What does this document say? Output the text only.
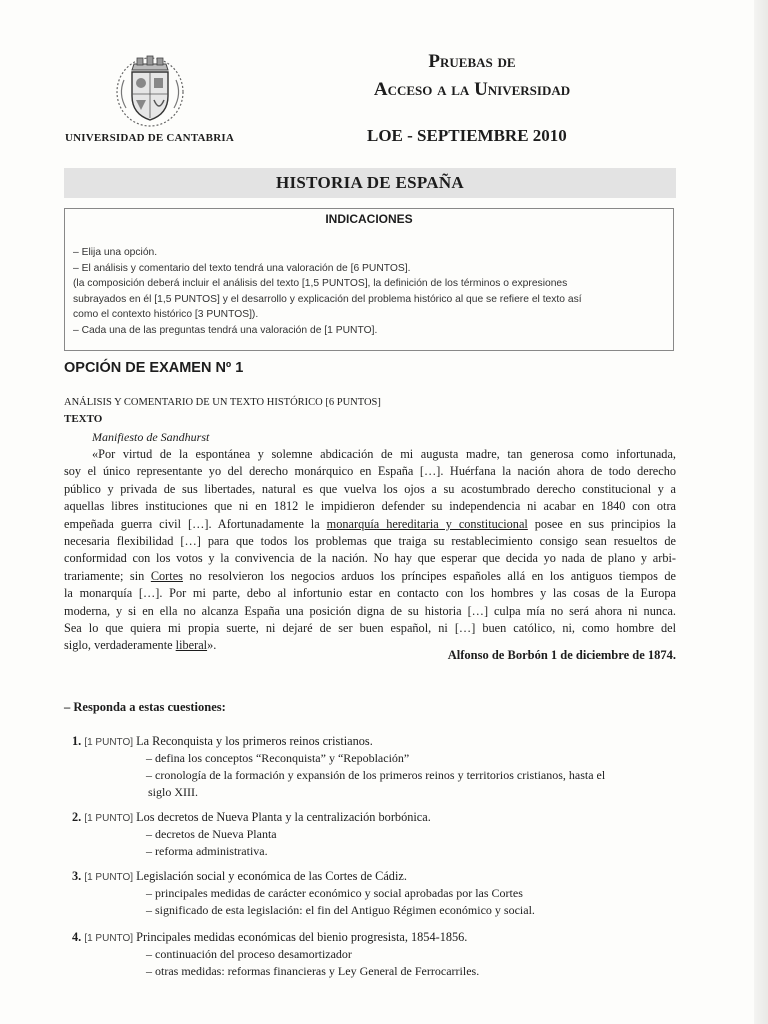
UNIVERSIDAD DE CANTABRIA
Pruebas de
Acceso a la Universidad
LOE - SEPTIEMBRE 2010
HISTORIA DE ESPAÑA
INDICACIONES
– Elija una opción.
– El análisis y comentario del texto tendrá una valoración de [6 PUNTOS].
(la composición deberá incluir el análisis del texto [1,5 PUNTOS], la definición de los términos o expresiones
subrayados en él [1,5 PUNTOS] y el desarrollo y explicación del problema histórico al que se refiere el texto así
como el contexto histórico [3 PUNTOS]).
– Cada una de las preguntas tendrá una valoración de [1 PUNTO].
OPCIÓN DE EXAMEN Nº 1
ANÁLISIS Y COMENTARIO DE UN TEXTO HISTÓRICO [6 PUNTOS]
TEXTO
Manifiesto de Sandhurst
«Por virtud de la espontánea y solemne abdicación de mi augusta madre, tan generosa como infortunada,
soy el único representante yo del derecho monárquico en España […]. Huérfana la nación ahora de todo derecho
público y privada de sus libertades, natural es que vuelva los ojos a su acostumbrado derecho constitucional y a
aquellas libres instituciones que ni en 1812 le impidieron defender su independencia ni acabar en 1840 con otra
empeñada guerra civil […]. Afortunadamente la monarquía hereditaria y constitucional posee en sus principios la
necesaria flexibilidad […] para que todos los problemas que traiga su restablecimiento consigo sean resueltos de
conformidad con los votos y la convivencia de la nación. No hay que esperar que decida yo nada de plano y arbi-
trariamente; sin Cortes no resolvieron los negocios arduos los príncipes españoles allá en los antiguos tiempos de
la monarquía […]. Por mi parte, debo al infortunio estar en contacto con los hombres y las cosas de la Europa
moderna, y si en ella no alcanza España una posición digna de su historia […] culpa mía no será ahora ni nunca.
Sea lo que quiera mi propia suerte, ni dejaré de ser buen español, ni […] buen católico, ni, como hombre del
siglo, verdaderamente liberal».
Alfonso de Borbón 1 de diciembre de 1874.
– Responda a estas cuestiones:
1. [1 PUNTO] La Reconquista y los primeros reinos cristianos.
– defina los conceptos “Reconquista” y “Repoblación”
– cronología de la formación y expansión de los primeros reinos y territorios cristianos, hasta el
siglo XIII.
2. [1 PUNTO] Los decretos de Nueva Planta y la centralización borbónica.
– decretos de Nueva Planta
– reforma administrativa.
3. [1 PUNTO] Legislación social y económica de las Cortes de Cádiz.
– principales medidas de carácter económico y social aprobadas por las Cortes
– significado de esta legislación: el fin del Antiguo Régimen económico y social.
4. [1 PUNTO] Principales medidas económicas del bienio progresista, 1854-1856.
– continuación del proceso desamortizador
– otras medidas: reformas financieras y Ley General de Ferrocarriles.
